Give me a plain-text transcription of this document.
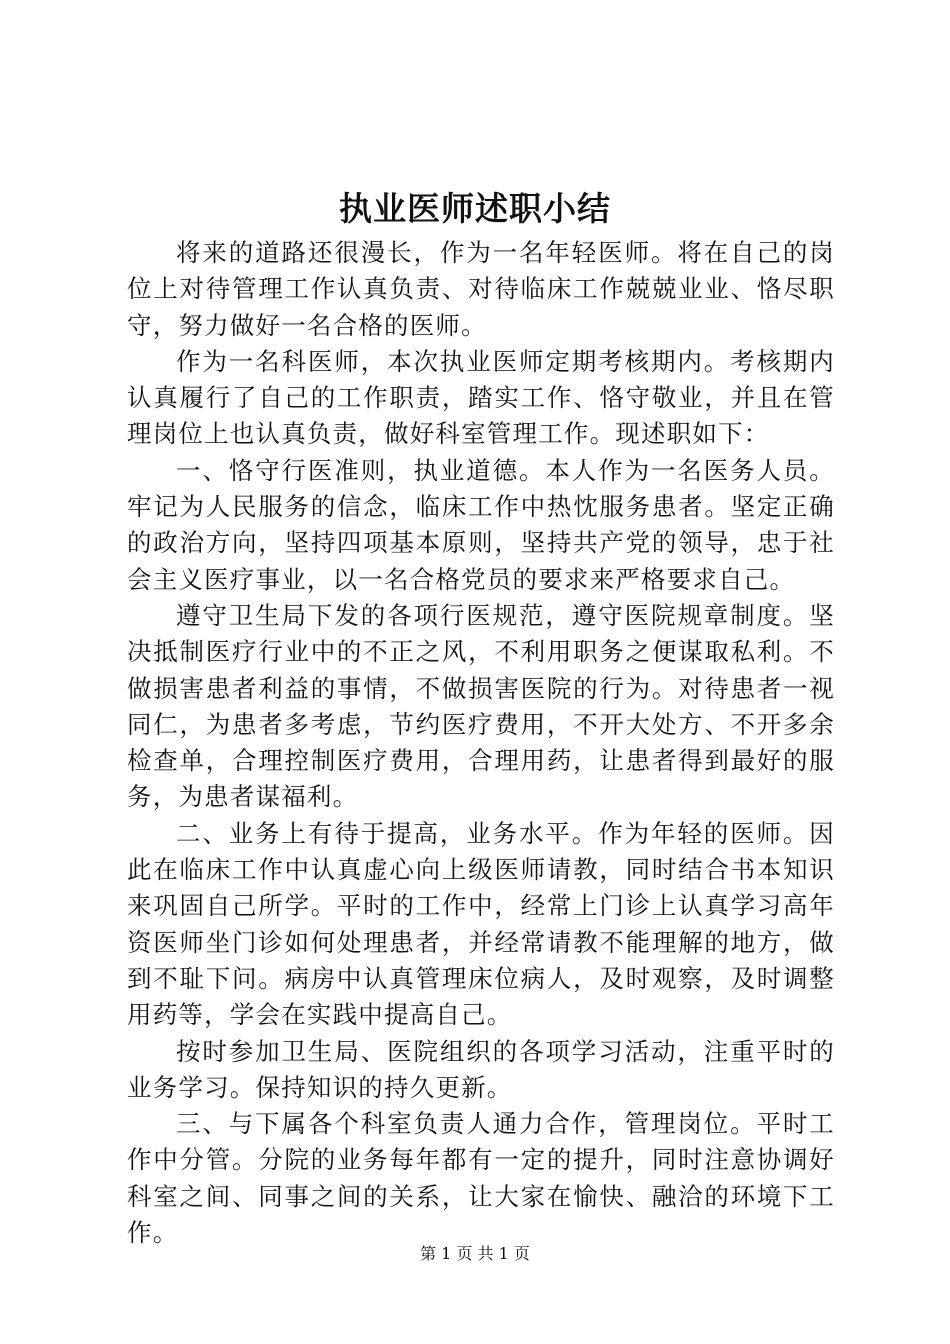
执业医师述职小结

将来的道路还很漫长，作为一名年轻医师。将在自己的岗位上对待管理工作认真负责、对待临床工作兢兢业业、恪尽职守，努力做好一名合格的医师。

作为一名科医师，本次执业医师定期考核期内。考核期内认真履行了自己的工作职责，踏实工作、恪守敬业，并且在管理岗位上也认真负责，做好科室管理工作。现述职如下：

一、恪守行医准则，执业道德。本人作为一名医务人员。牢记为人民服务的信念，临床工作中热忱服务患者。坚定正确的政治方向，坚持四项基本原则，坚持共产党的领导，忠于社会主义医疗事业，以一名合格党员的要求来严格要求自己。

遵守卫生局下发的各项行医规范，遵守医院规章制度。坚决抵制医疗行业中的不正之风，不利用职务之便谋取私利。不做损害患者利益的事情，不做损害医院的行为。对待患者一视同仁，为患者多考虑，节约医疗费用，不开大处方、不开多余检查单，合理控制医疗费用，合理用药，让患者得到最好的服务，为患者谋福利。

二、业务上有待于提高，业务水平。作为年轻的医师。因此在临床工作中认真虚心向上级医师请教，同时结合书本知识来巩固自己所学。平时的工作中，经常上门诊上认真学习高年资医师坐门诊如何处理患者，并经常请教不能理解的地方，做到不耻下问。病房中认真管理床位病人，及时观察，及时调整用药等，学会在实践中提高自己。

按时参加卫生局、医院组织的各项学习活动，注重平时的业务学习。保持知识的持久更新。

三、与下属各个科室负责人通力合作，管理岗位。平时工作中分管。分院的业务每年都有一定的提升，同时注意协调好科室之间、同事之间的关系，让大家在愉快、融洽的环境下工作。

第 1 页 共 1 页
